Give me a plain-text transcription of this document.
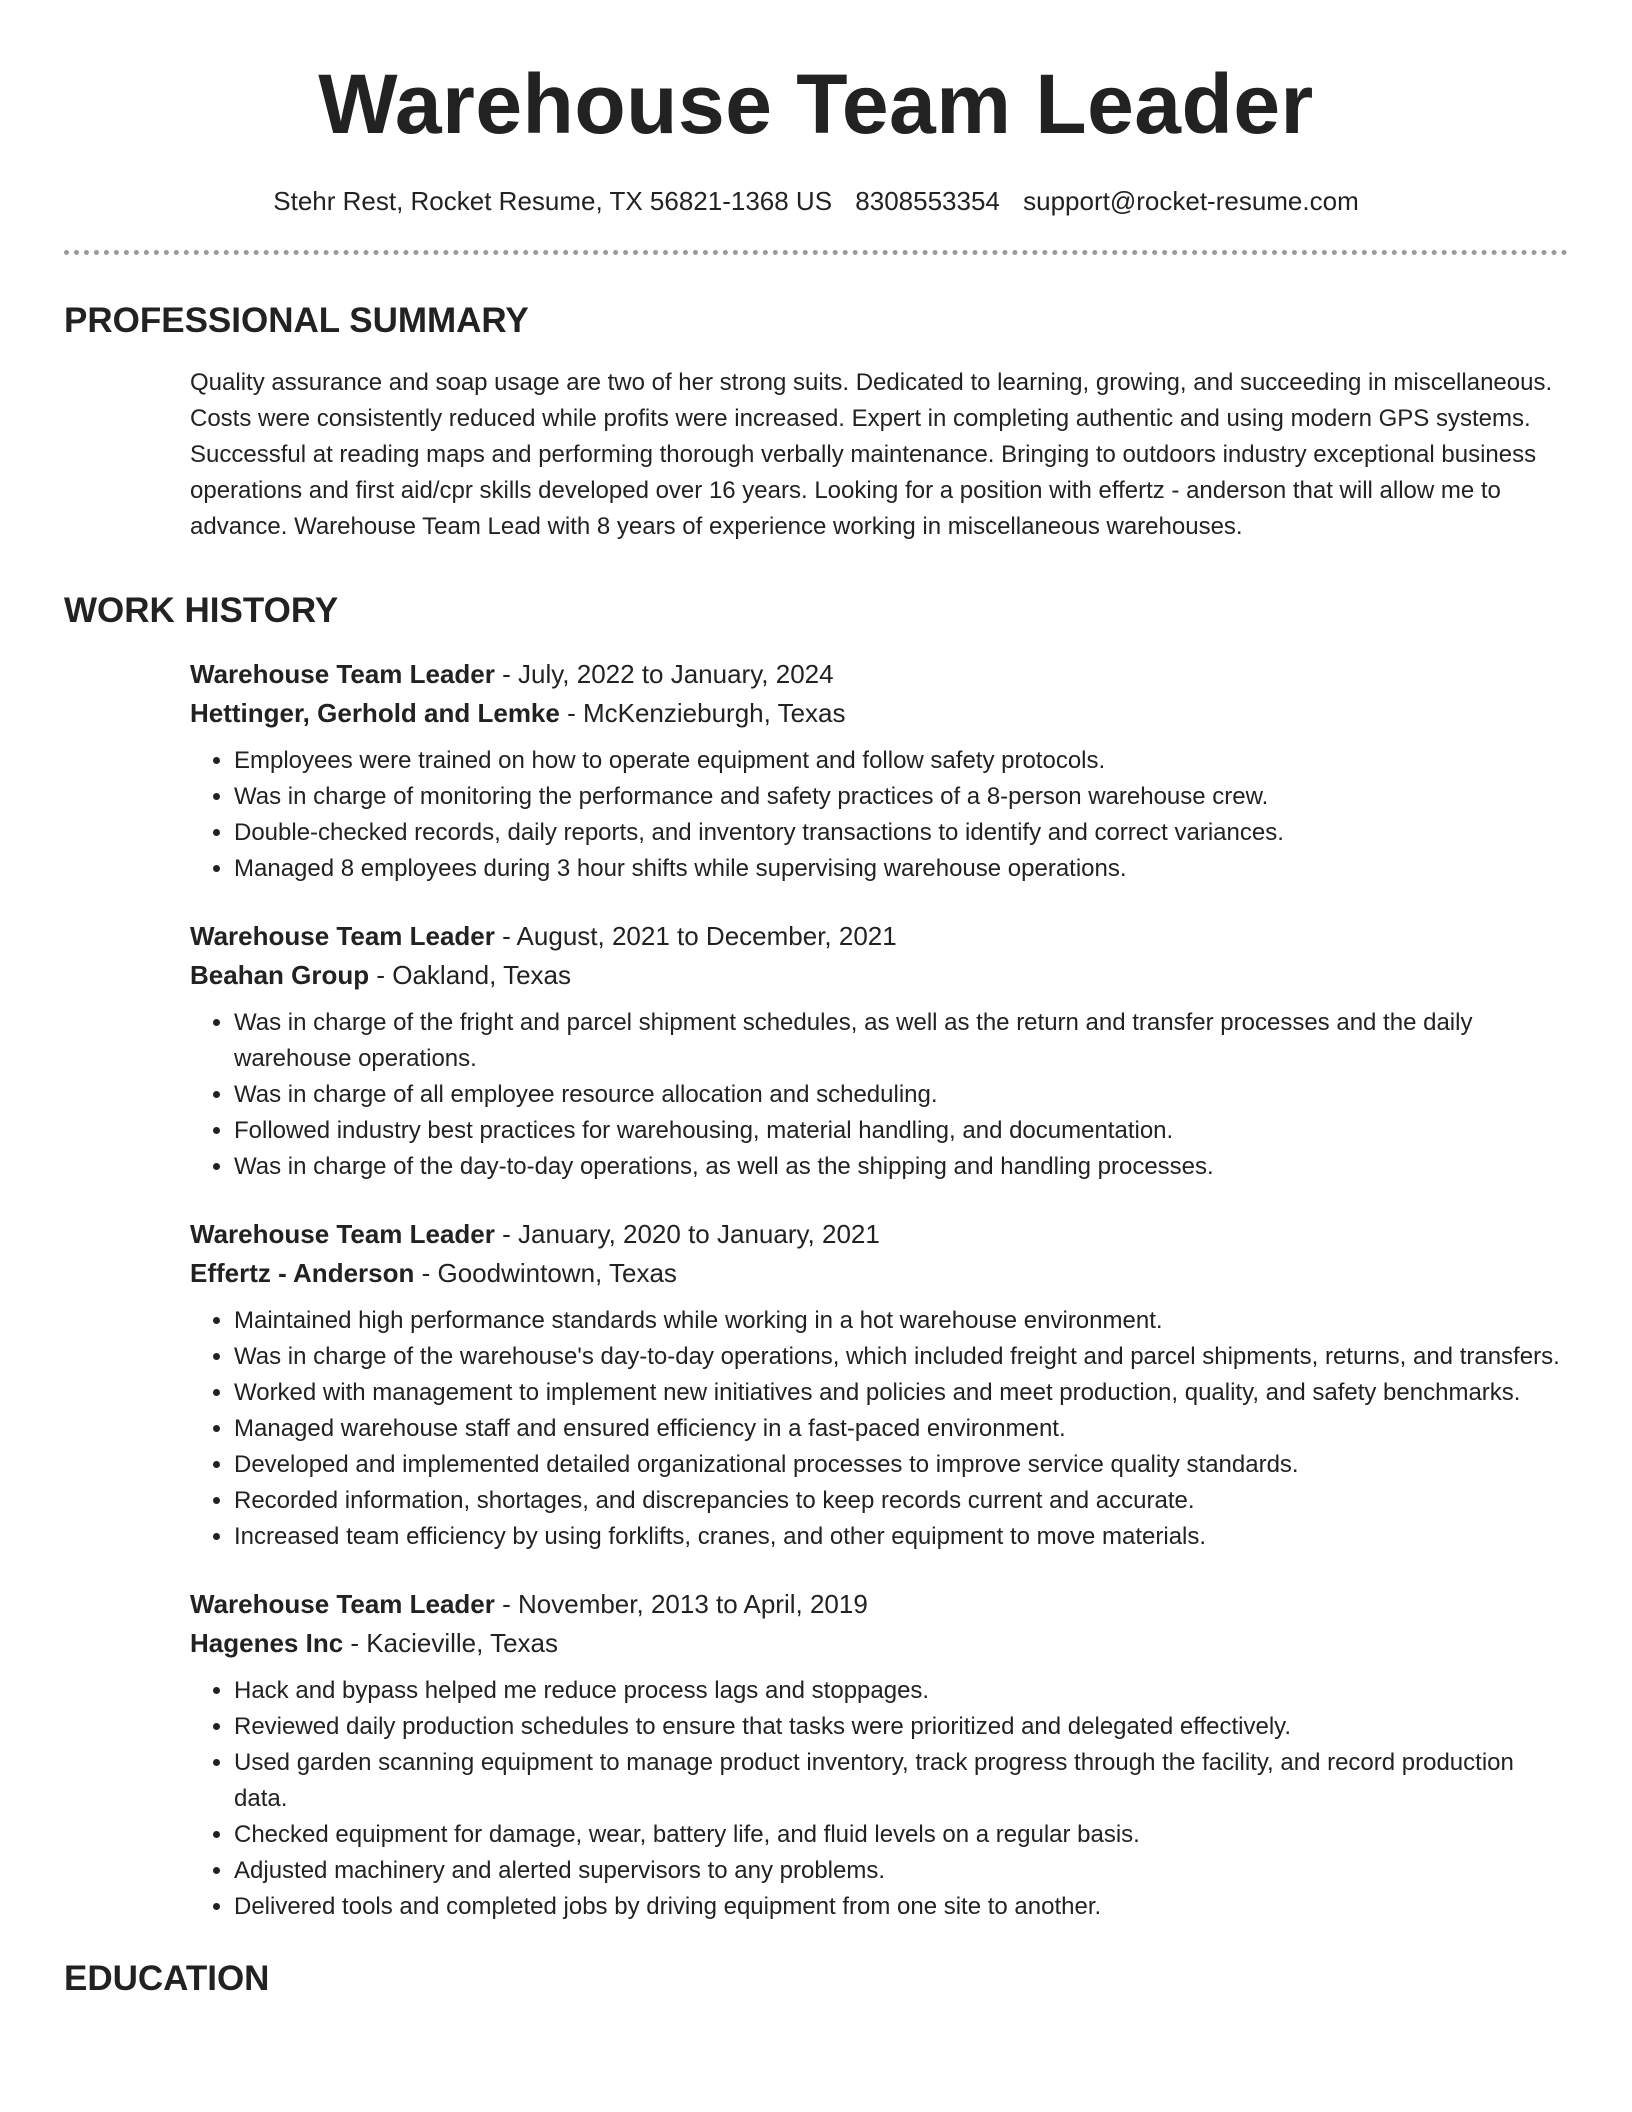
Warehouse Team Leader
Stehr Rest, Rocket Resume, TX 56821-1368 US 8308553354 support@rocket-resume.com
PROFESSIONAL SUMMARY

Quality assurance and soap usage are two of her strong suits. Dedicated to learning, growing, and succeeding in miscellaneous. Costs were consistently reduced while profits were increased. Expert in completing authentic and using modern GPS systems. Successful at reading maps and performing thorough verbally maintenance. Bringing to outdoors industry exceptional business operations and first aid/cpr skills developed over 16 years. Looking for a position with effertz - anderson that will allow me to advance. Warehouse Team Lead with 8 years of experience working in miscellaneous warehouses.

WORK HISTORY

Warehouse Team Leader - July, 2022 to January, 2024

Hettinger, Gerhold and Lemke - McKenzieburgh, Texas

• Employees were trained on how to operate equipment and follow safety protocols.
• Was in charge of monitoring the performance and safety practices of a 8-person warehouse crew.
• Double-checked records, daily reports, and inventory transactions to identify and correct variances.
• Managed 8 employees during 3 hour shifts while supervising warehouse operations.

Warehouse Team Leader - August, 2021 to December, 2021

Beahan Group - Oakland, Texas

• Was in charge of the fright and parcel shipment schedules, as well as the return and transfer processes and the daily warehouse operations.
• Was in charge of all employee resource allocation and scheduling.
• Followed industry best practices for warehousing, material handling, and documentation.
• Was in charge of the day-to-day operations, as well as the shipping and handling processes.

Warehouse Team Leader - January, 2020 to January, 2021

Effertz - Anderson - Goodwintown, Texas

• Maintained high performance standards while working in a hot warehouse environment.
• Was in charge of the warehouse's day-to-day operations, which included freight and parcel shipments, returns, and transfers.
• Worked with management to implement new initiatives and policies and meet production, quality, and safety benchmarks.
• Managed warehouse staff and ensured efficiency in a fast-paced environment.
• Developed and implemented detailed organizational processes to improve service quality standards.
• Recorded information, shortages, and discrepancies to keep records current and accurate.
• Increased team efficiency by using forklifts, cranes, and other equipment to move materials.

Warehouse Team Leader - November, 2013 to April, 2019

Hagenes Inc - Kacieville, Texas

• Hack and bypass helped me reduce process lags and stoppages.
• Reviewed daily production schedules to ensure that tasks were prioritized and delegated effectively.
• Used garden scanning equipment to manage product inventory, track progress through the facility, and record production data.
• Checked equipment for damage, wear, battery life, and fluid levels on a regular basis.
• Adjusted machinery and alerted supervisors to any problems.
• Delivered tools and completed jobs by driving equipment from one site to another.
EDUCATION
